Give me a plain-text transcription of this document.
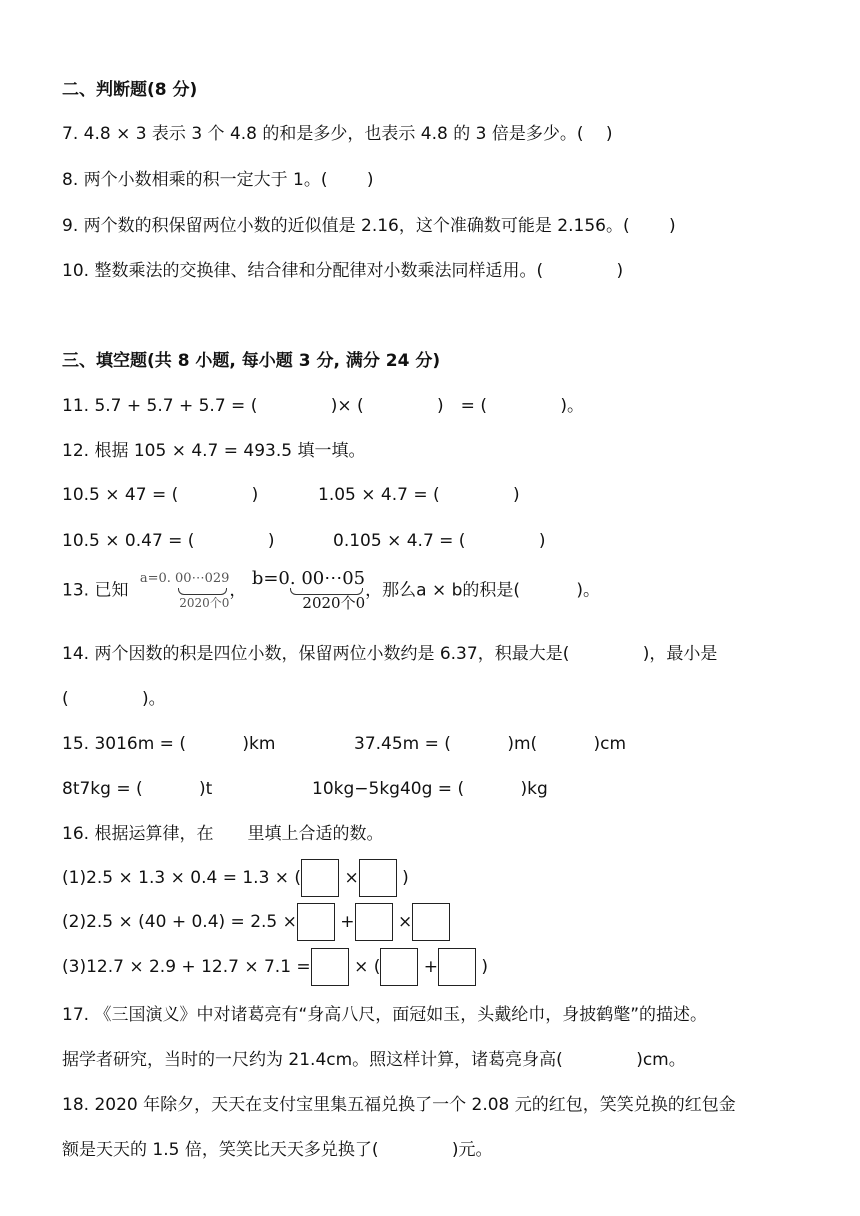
二、判断题(8 分)
7. 4.8 × 3 表示 3 个 4.8 的和是多少，也表示 4.8 的 3 倍是多少。(　 )
8. 两个小数相乘的积一定大于 1。(　　 )
9. 两个数的积保留两位小数的近似值是 2.16，这个准确数可能是 2.156。(　　 )
10. 整数乘法的交换律、结合律和分配律对小数乘法同样适用。(　　　　 )
三、填空题(共 8 小题, 每小题 3 分, 满分 24 分)
11. 5.7 + 5.7 + 5.7 = (　　　　 )× (　　　　 )　= (　　　　 )。
12. 根据 105 × 4.7 = 493.5 填一填。
10.5 × 47 = (　　　　 )	1.05 × 4.7 = (　　　　 )
10.5 × 0.47 = (　　　　 )	0.105 × 4.7 = (　　　　 )
13. 已知
a=0. 00⋯029
2020个0
，
b=0. 00⋯05
2020个0
，那么a × b的积是(　　　 )。
14. 两个因数的积是四位小数，保留两位小数约是 6.37，积最大是(　　　　 )，最小是
(　　　　 )。
15. 3016m = (　　　 )km	37.45m = (　　　 )m(　　　 )cm
8t7kg = (　　　 )t	10kg−5kg40g = (　　　 )kg
16. 根据运算律，在　　里填上合适的数。
(1)2.5 × 1.3 × 0.4 = 1.3 × (	×	)
(2)2.5 × (40 + 0.4) = 2.5 ×	+	×
(3)12.7 × 2.9 + 12.7 × 7.1 =	× (	+	)
17. 《三国演义》中对诸葛亮有“身高八尺，面冠如玉，头戴纶巾，身披鹤氅”的描述。
据学者研究，当时的一尺约为 21.4cm。照这样计算，诸葛亮身高(　　　　 )cm。
18. 2020 年除夕，天天在支付宝里集五福兑换了一个 2.08 元的红包，笑笑兑换的红包金
额是天天的 1.5 倍，笑笑比天天多兑换了(　　　　 )元。
